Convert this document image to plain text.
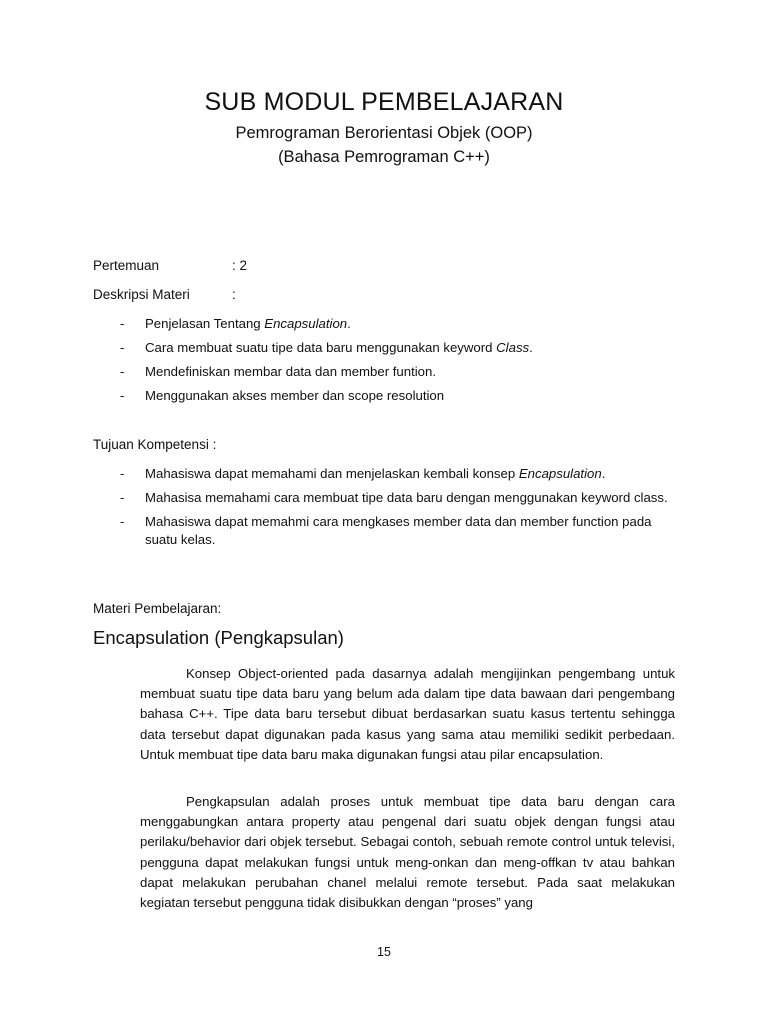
SUB MODUL PEMBELAJARAN
Pemrograman Berorientasi Objek (OOP)
(Bahasa Pemrograman C++)
Pertemuan	: 2
Deskripsi Materi	:
- Penjelasan Tentang Encapsulation.
- Cara membuat suatu tipe data baru menggunakan keyword Class.
- Mendefiniskan membar data dan member funtion.
- Menggunakan akses member dan scope resolution
Tujuan Kompetensi :
- Mahasiswa dapat memahami dan menjelaskan kembali konsep Encapsulation.
- Mahasisa memahami cara membuat tipe data baru dengan menggunakan keyword class.
- Mahasiswa dapat memahmi cara mengkases member data dan member function pada suatu kelas.
Materi Pembelajaran:
Encapsulation (Pengkapsulan)

Konsep Object-oriented pada dasarnya adalah mengijinkan pengembang untuk membuat suatu tipe data baru yang belum ada dalam tipe data bawaan dari pengembang bahasa C++. Tipe data baru tersebut dibuat berdasarkan suatu kasus tertentu sehingga data tersebut dapat digunakan pada kasus yang sama atau memiliki sedikit perbedaan. Untuk membuat tipe data baru maka digunakan fungsi atau pilar encapsulation.

Pengkapsulan adalah proses untuk membuat tipe data baru dengan cara menggabungkan antara property atau pengenal dari suatu objek dengan fungsi atau perilaku/behavior dari objek tersebut. Sebagai contoh, sebuah remote control untuk televisi, pengguna dapat melakukan fungsi untuk meng-onkan dan meng-offkan tv atau bahkan dapat melakukan perubahan chanel melalui remote tersebut. Pada saat melakukan kegiatan tersebut pengguna tidak disibukkan dengan “proses” yang

15
